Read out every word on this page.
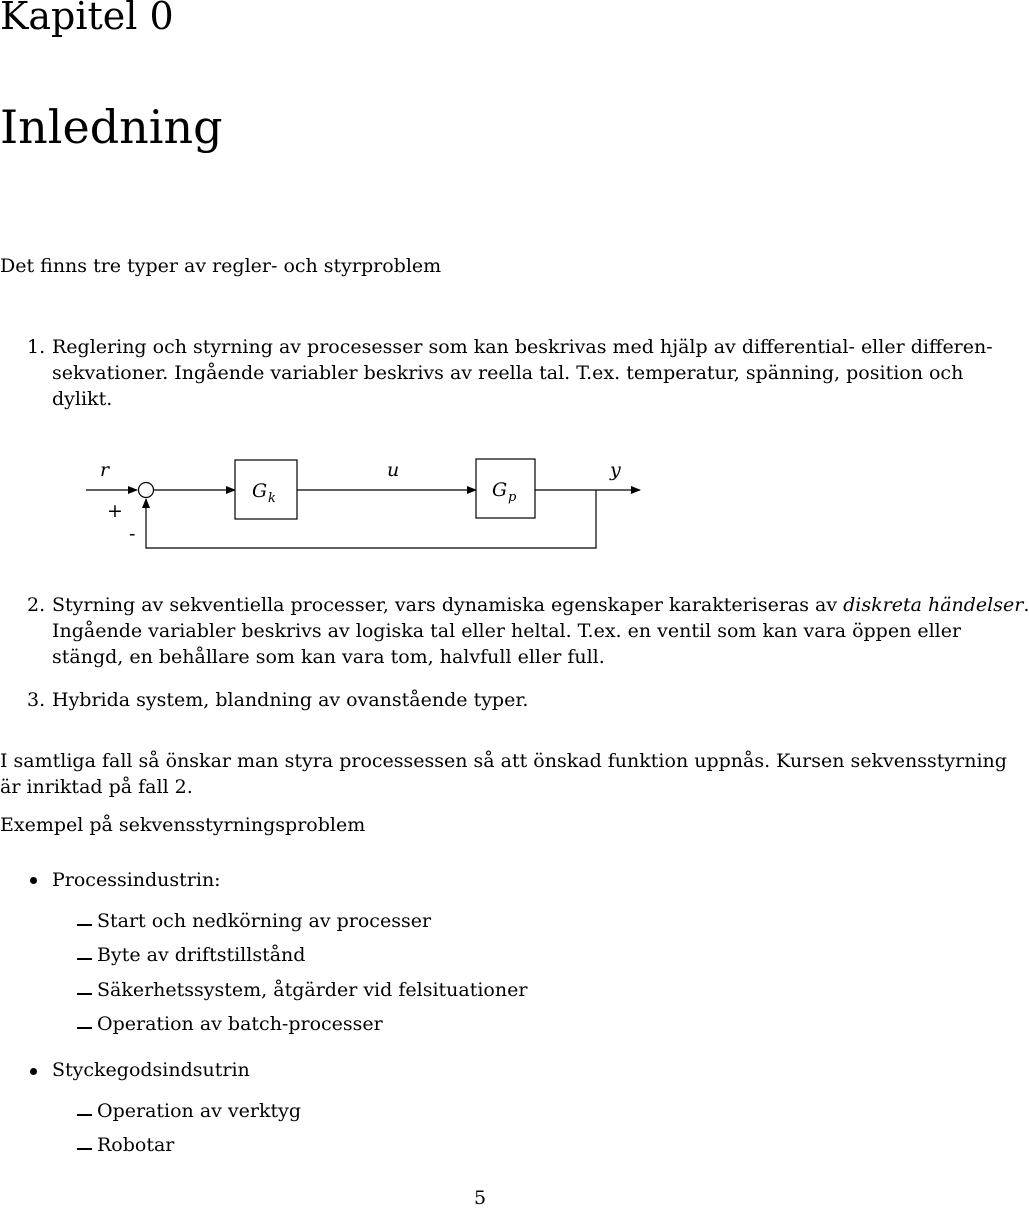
Kapitel 0
Inledning
Det finns tre typer av regler- och styrproblem
1. Reglering och styrning av procesesser som kan beskrivas med hjälp av differential- eller differen-
sekvationer. Ingående variabler beskrivs av reella tal. T.ex. temperatur, spänning, position och
dylikt.
r	u	y
+
-
G k	G p
2. Styrning av sekventiella processer, vars dynamiska egenskaper karakteriseras av diskreta händelser.
Ingående variabler beskrivs av logiska tal eller heltal. T.ex. en ventil som kan vara öppen eller
stängd, en behållare som kan vara tom, halvfull eller full.
3. Hybrida system, blandning av ovanstående typer.
I samtliga fall så önskar man styra processessen så att önskad funktion uppnås. Kursen sekvensstyrning
är inriktad på fall 2.
Exempel på sekvensstyrningsproblem
Processindustrin:
Start och nedkörning av processer
Byte av driftstillstånd
Säkerhetssystem, åtgärder vid felsituationer
Operation av batch-processer
Styckegodsindsutrin
Operation av verktyg
Robotar
5
